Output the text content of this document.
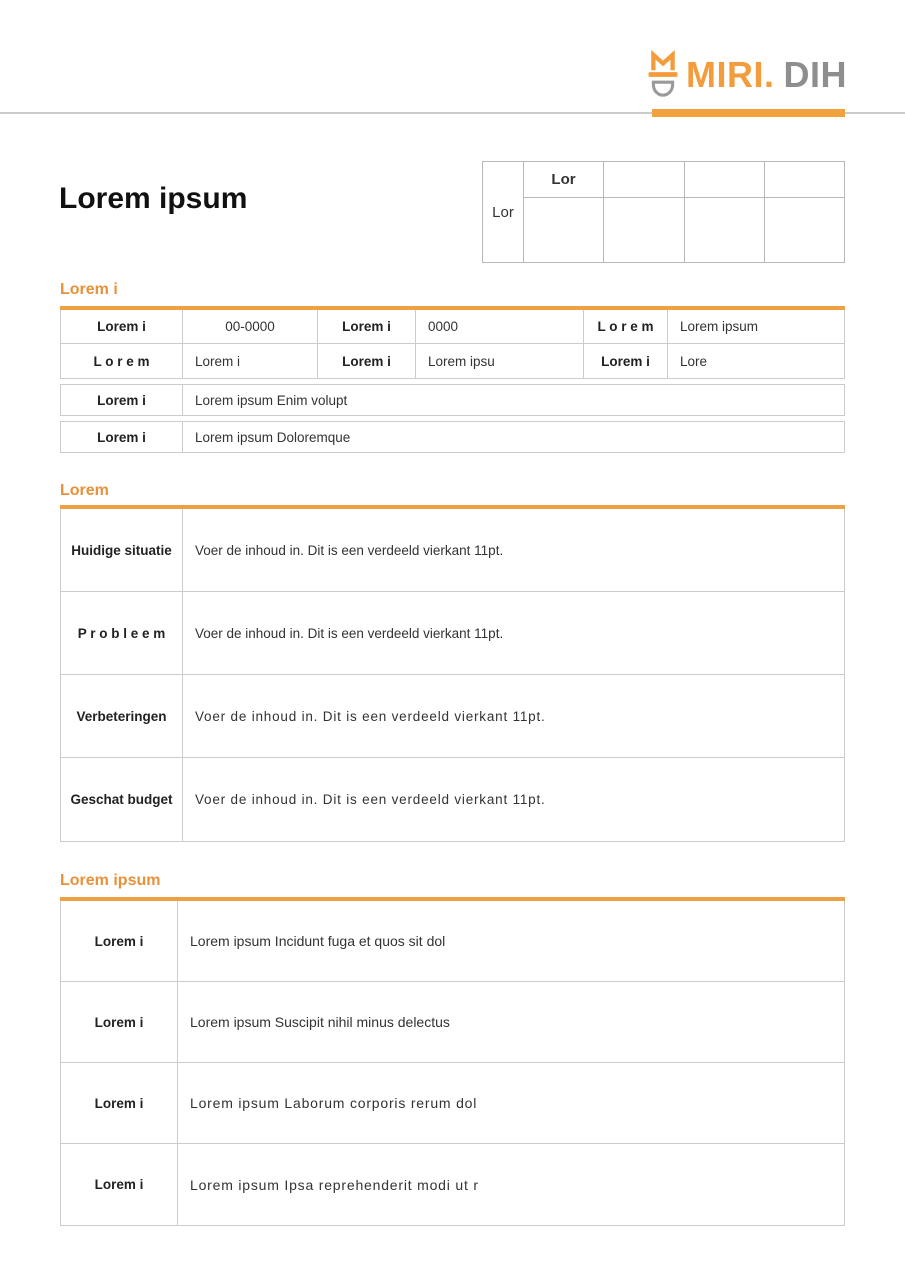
MIRI. DIH
Lorem ipsum	Lor
Lor
Lorem i
Lorem i	00-0000	Lorem i	0000	L o r e m	Lorem ipsum
L o r e m	Lorem i	Lorem i	Lorem ipsu	Lorem i	Lore
Lorem i	Lorem ipsum Enim volupt
Lorem i	Lorem ipsum Doloremque
Lorem
Huidige situatie	Voer de inhoud in. Dit is een verdeeld vierkant 11pt.
P r o b l e e m	Voer de inhoud in. Dit is een verdeeld vierkant 11pt.
Verbeteringen	Voer de inhoud in. Dit is een verdeeld vierkant 11pt.
Geschat budget	Voer de inhoud in. Dit is een verdeeld vierkant 11pt.
Lorem ipsum
Lorem i	Lorem ipsum Incidunt fuga et quos sit dol
Lorem i	Lorem ipsum Suscipit nihil minus delectus
Lorem i	Lorem ipsum Laborum corporis rerum dol
Lorem i	Lorem ipsum Ipsa reprehenderit modi ut r
